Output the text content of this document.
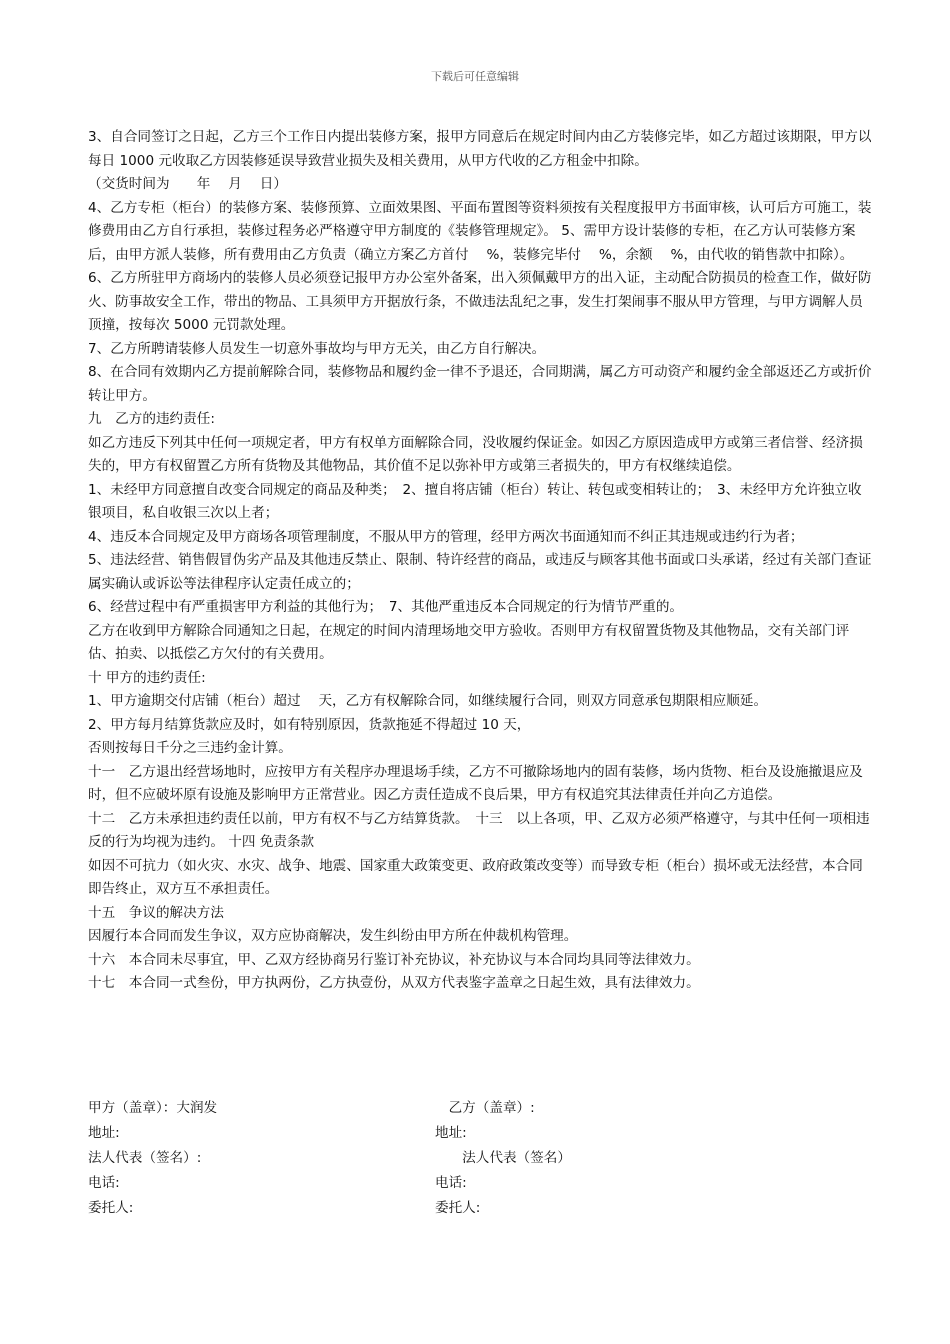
下载后可任意编辑

3、自合同签订之日起，乙方三个工作日内提出装修方案，报甲方同意后在规定时间内由乙方装修完毕，如乙方超过该期限，甲方以每日 1000 元收取乙方因装修延误导致营业损失及相关费用，从甲方代收的乙方租金中扣除。

（交货时间为　　年　 月　 日）

4、乙方专柜（柜台）的装修方案、装修预算、立面效果图、平面布置图等资料须按有关程度报甲方书面审核，认可后方可施工，装修费用由乙方自行承担，装修过程务必严格遵守甲方制度的《装修管理规定》。 5、需甲方设计装修的专柜，在乙方认可装修方案后，由甲方派人装修，所有费用由乙方负责（确立方案乙方首付　 %，装修完毕付　 %，余额　 %，由代收的销售款中扣除）。

6、乙方所驻甲方商场内的装修人员必须登记报甲方办公室外备案，出入须佩戴甲方的出入证，主动配合防损员的检查工作，做好防火、防事故安全工作，带出的物品、工具须甲方开据放行条，不做违法乱纪之事，发生打架闹事不服从甲方管理，与甲方调解人员顶撞，按每次 5000 元罚款处理。

7、乙方所聘请装修人员发生一切意外事故均与甲方无关，由乙方自行解决。

8、在合同有效期内乙方提前解除合同，装修物品和履约金一律不予退还，合同期满，属乙方可动资产和履约金全部返还乙方或折价转让甲方。

九　乙方的违约责任:

如乙方违反下列其中任何一项规定者，甲方有权单方面解除合同，没收履约保证金。如因乙方原因造成甲方或第三者信誉、经济损失的，甲方有权留置乙方所有货物及其他物品，其价值不足以弥补甲方或第三者损失的，甲方有权继续追偿。

1、未经甲方同意擅自改变合同规定的商品及种类；　2、擅自将店铺（柜台）转让、转包或变相转让的；　3、未经甲方允许独立收银项目，私自收银三次以上者；

4、违反本合同规定及甲方商场各项管理制度，不服从甲方的管理，经甲方两次书面通知而不纠正其违规或违约行为者；

5、违法经营、销售假冒伪劣产品及其他违反禁止、限制、特许经营的商品，或违反与顾客其他书面或口头承诺，经过有关部门查证属实确认或诉讼等法律程序认定责任成立的；

6、经营过程中有严重损害甲方利益的其他行为；　7、其他严重违反本合同规定的行为情节严重的。

乙方在收到甲方解除合同通知之日起，在规定的时间内清理场地交甲方验收。否则甲方有权留置货物及其他物品，交有关部门评估、拍卖、以抵偿乙方欠付的有关费用。

十 甲方的违约责任:

1、甲方逾期交付店铺（柜台）超过　 天，乙方有权解除合同，如继续履行合同，则双方同意承包期限相应顺延。

2、甲方每月结算货款应及时，如有特别原因，货款拖延不得超过 10 天，

否则按每日千分之三违约金计算。

十一　乙方退出经营场地时，应按甲方有关程序办理退场手续，乙方不可撤除场地内的固有装修，场内货物、柜台及设施撤退应及时，但不应破坏原有设施及影响甲方正常营业。因乙方责任造成不良后果，甲方有权追究其法律责任并向乙方追偿。

十二　乙方未承担违约责任以前，甲方有权不与乙方结算货款。　十三　以上各项，甲、乙双方必须严格遵守，与其中任何一项相违反的行为均视为违约。 十四 免责条款

如因不可抗力（如火灾、水灾、战争、地震、国家重大政策变更、政府政策改变等）而导致专柜（柜台）损坏或无法经营，本合同即告终止，双方互不承担责任。

十五　争议的解决方法

因履行本合同而发生争议，双方应协商解决，发生纠纷由甲方所在仲裁机构管理。

十六　本合同未尽事宜，甲、乙双方经协商另行鉴订补充协议，补充协议与本合同均具同等法律效力。

十七　本合同一式叁份，甲方执两份，乙方执壹份，从双方代表鉴字盖章之日起生效，具有法律效力。

甲方（盖章）：大润发	　乙方（盖章）:
地址:	地址:
法人代表（签名）:	　　法人代表（签名）
电话:	电话:
委托人:	委托人:
